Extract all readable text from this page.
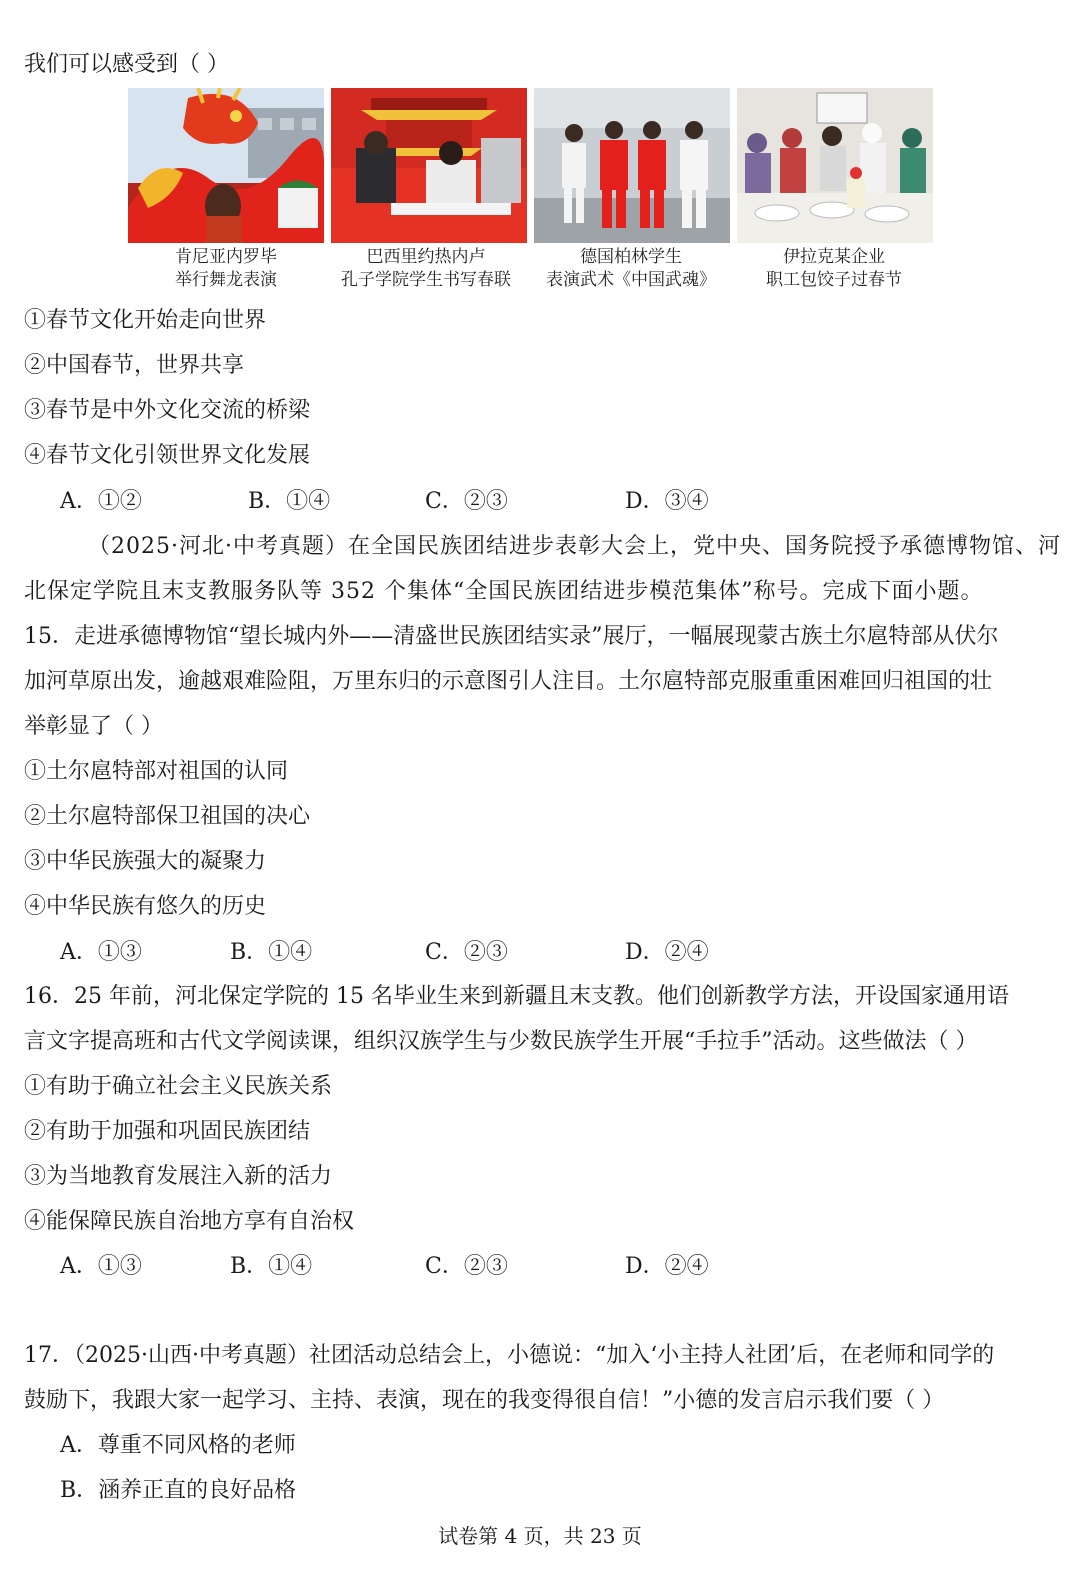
我们可以感受到（ ）
肯尼亚内罗毕
举行舞龙表演
巴西里约热内卢
孔子学院学生书写春联
德国柏林学生
表演武术《中国武魂》
伊拉克某企业
职工包饺子过春节
①春节文化开始走向世界
②中国春节，世界共享
③春节是中外文化交流的桥梁
④春节文化引领世界文化发展
A．①②	B．①④	C．②③	D．③④
（2025·河北·中考真题）在全国民族团结进步表彰大会上，党中央、国务院授予承德博物馆、河
北保定学院且末支教服务队等 352 个集体“全国民族团结进步模范集体”称号。完成下面小题。
15．走进承德博物馆“望长城内外——清盛世民族团结实录”展厅，一幅展现蒙古族土尔扈特部从伏尔
加河草原出发，逾越艰难险阻，万里东归的示意图引人注目。土尔扈特部克服重重困难回归祖国的壮
举彰显了（ ）
①土尔扈特部对祖国的认同
②土尔扈特部保卫祖国的决心
③中华民族强大的凝聚力
④中华民族有悠久的历史
A．①③	B．①④	C．②③	D．②④
16．25 年前，河北保定学院的 15 名毕业生来到新疆且末支教。他们创新教学方法，开设国家通用语
言文字提高班和古代文学阅读课，组织汉族学生与少数民族学生开展“手拉手”活动。这些做法（ ）
①有助于确立社会主义民族关系
②有助于加强和巩固民族团结
③为当地教育发展注入新的活力
④能保障民族自治地方享有自治权
A．①③	B．①④	C．②③	D．②④
17．（2025·山西·中考真题）社团活动总结会上，小德说：“加入‘小主持人社团’后，在老师和同学的
鼓励下，我跟大家一起学习、主持、表演，现在的我变得很自信！”小德的发言启示我们要（ ）
A．尊重不同风格的老师
B．涵养正直的良好品格
试卷第 4 页，共 23 页
